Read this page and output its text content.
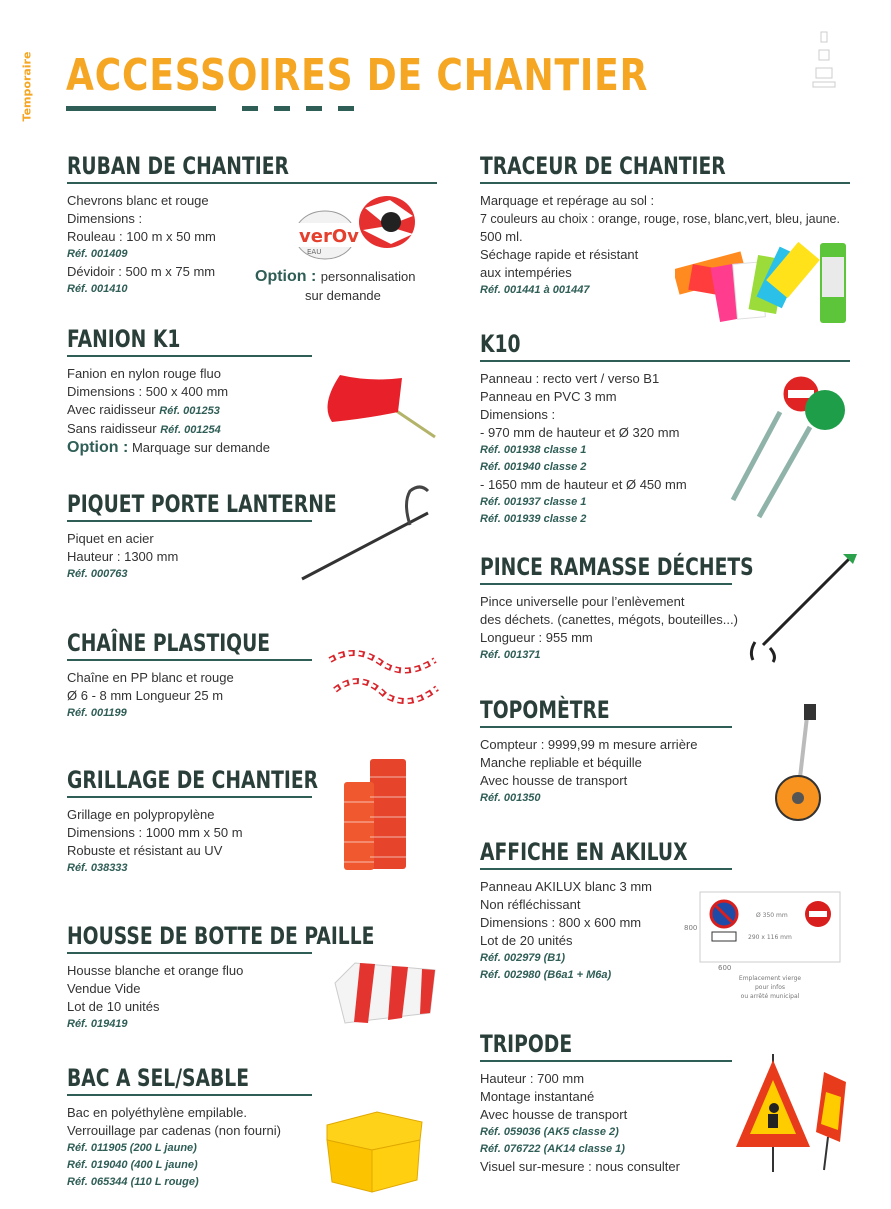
Temporaire ACCESSOIRES DE CHANTIER
RUBAN DE CHANTIER
Chevrons blanc et rouge
Dimensions :
Rouleau : 100 m x 50 mm
Réf. 001409
Dévidoir : 500 m x 75 mm
Réf. 001410
Option : personnalisation
sur demande
verOv
EAU
FANION K1
Fanion en nylon rouge fluo
Dimensions : 500 x 400 mm
Avec raidisseur Réf. 001253
Sans raidisseur Réf. 001254
Option : Marquage sur demande
PIQUET PORTE LANTERNE
Piquet en acier
Hauteur : 1300 mm
Réf. 000763
CHAÎNE PLASTIQUE
Chaîne en PP blanc et rouge
Ø 6 - 8 mm Longueur 25 m
Réf. 001199
GRILLAGE DE CHANTIER
Grillage en polypropylène
Dimensions : 1000 mm x 50 m
Robuste et résistant au UV
Réf. 038333
HOUSSE DE BOTTE DE PAILLE
Housse blanche et orange fluo
Vendue Vide
Lot de 10 unités
Réf. 019419
BAC A SEL/SABLE
Bac en polyéthylène empilable.
Verrouillage par cadenas (non fourni)
Réf. 011905 (200 L jaune)
Réf. 019040 (400 L jaune)
Réf. 065344 (110 L rouge)
TRACEUR DE CHANTIER
Marquage et repérage au sol :
7 couleurs au choix : orange, rouge, rose, blanc,vert, bleu, jaune.
500 ml.
Séchage rapide et résistant
aux intempéries
Réf. 001441 à 001447
K10
Panneau : recto vert / verso B1
Panneau en PVC 3 mm
Dimensions :
- 970 mm de hauteur et Ø 320 mm
Réf. 001938 classe 1
Réf. 001940 classe 2
- 1650 mm de hauteur et Ø 450 mm
Réf. 001937 classe 1
Réf. 001939 classe 2
PINCE RAMASSE DÉCHETS
Pince universelle pour l’enlèvement
des déchets. (canettes, mégots, bouteilles...)
Longueur : 955 mm
Réf. 001371
TOPOMÈTRE
Compteur : 9999,99 m mesure arrière
Manche repliable et béquille
Avec housse de transport
Réf. 001350
AFFICHE EN AKILUX
Panneau AKILUX blanc 3 mm
Non réfléchissant
Dimensions : 800 x 600 mm
Lot de 20 unités
Réf. 002979 (B1)
Réf. 002980 (B6a1 + M6a)
800
600
Ø 350 mm
290 x 116 mm
Emplacement vierge
pour infos
ou arrêté municipal
TRIPODE
Hauteur : 700 mm
Montage instantané
Avec housse de transport
Réf. 059036 (AK5 classe 2)
Réf. 076722 (AK14 classe 1)
Visuel sur-mesure : nous consulter
